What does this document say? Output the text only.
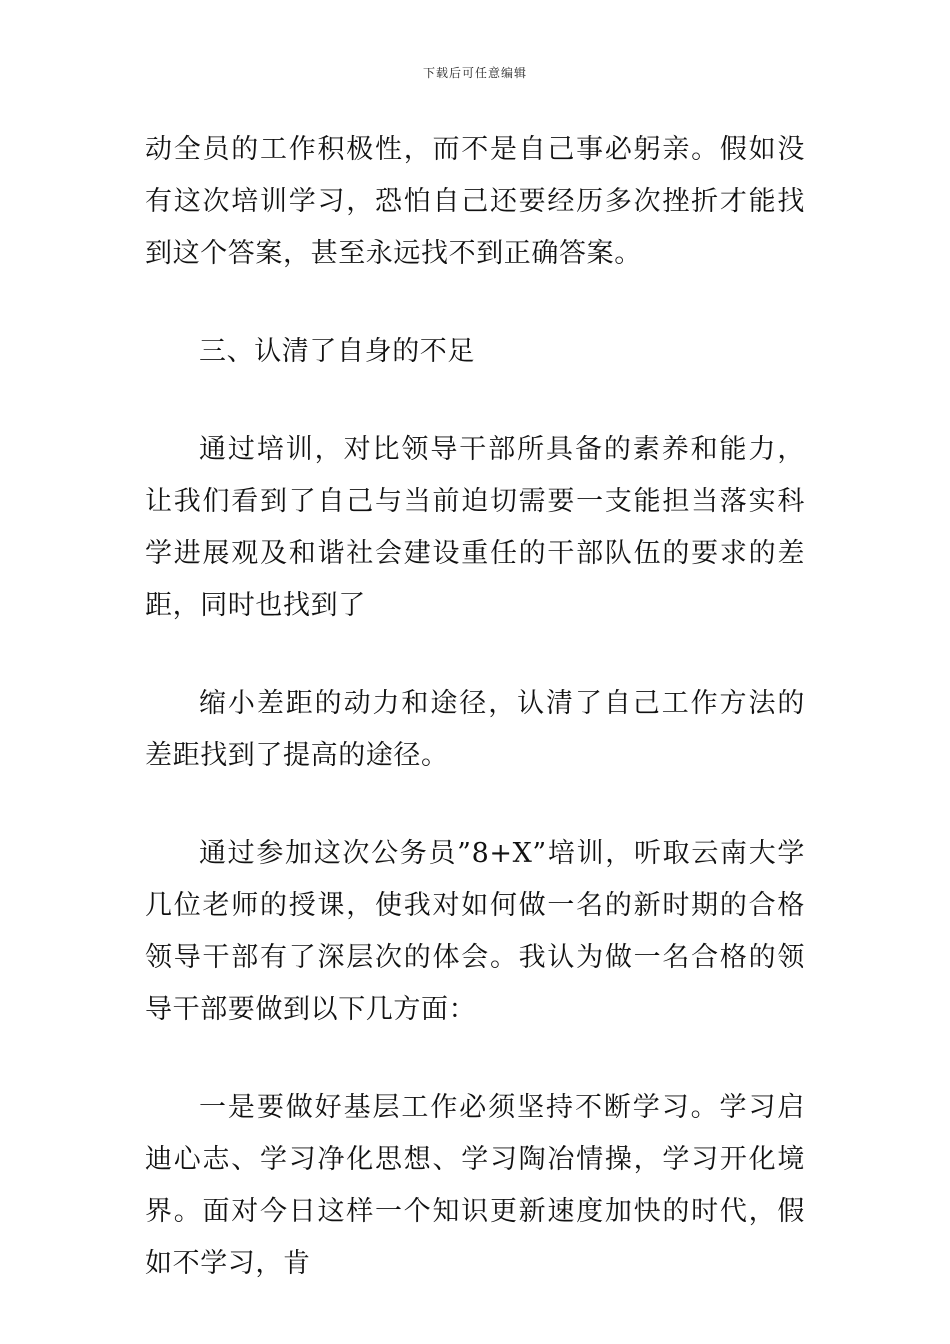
下载后可任意编辑

动全员的工作积极性，而不是自己事必躬亲。假如没有这次培训学习，恐怕自己还要经历多次挫折才能找到这个答案，甚至永远找不到正确答案。

三、认清了自身的不足

通过培训，对比领导干部所具备的素养和能力，让我们看到了自己与当前迫切需要一支能担当落实科学进展观及和谐社会建设重任的干部队伍的要求的差距，同时也找到了

缩小差距的动力和途径，认清了自己工作方法的差距找到了提高的途径。

通过参加这次公务员”8+X”培训，听取云南大学几位老师的授课，使我对如何做一名的新时期的合格领导干部有了深层次的体会。我认为做一名合格的领导干部要做到以下几方面：

一是要做好基层工作必须坚持不断学习。学习启迪心志、学习净化思想、学习陶冶情操，学习开化境界。面对今日这样一个知识更新速度加快的时代，假如不学习，肯
